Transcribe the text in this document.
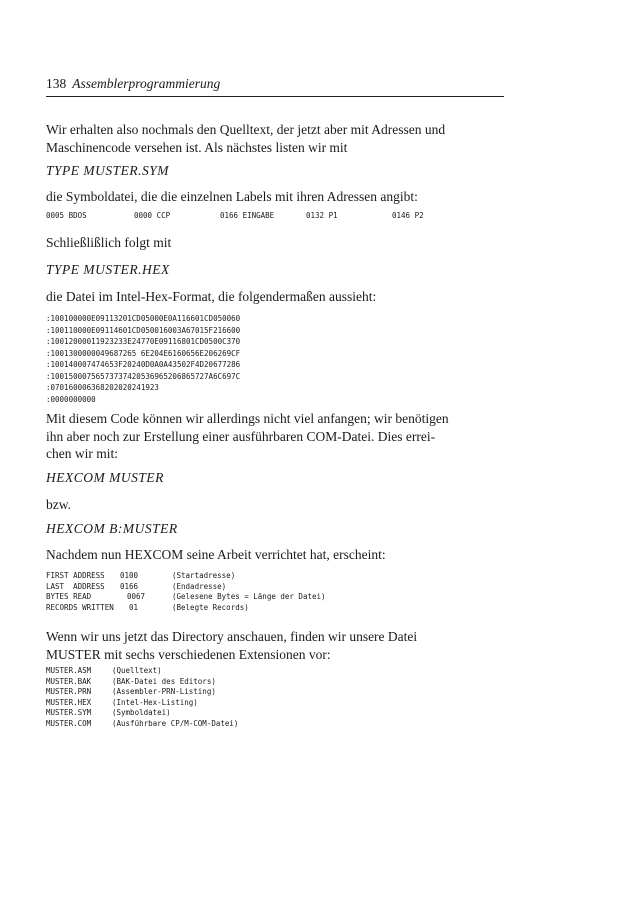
138 Assemblerprogrammierung
Wir erhalten also nochmals den Quelltext, der jetzt aber mit Adressen und
Maschinencode versehen ist. Als nächstes listen wir mit
TYPE MUSTER.SYM
die Symboldatei, die die einzelnen Labels mit ihren Adressen angibt:
0005 BDOS	0000 CCP	0166 EINGABE	0132 P1	0146 P2
Schließlißlich folgt mit
TYPE MUSTER.HEX
die Datei im Intel-Hex-Format, die folgendermaßen aussieht:
:100100000E09113201CD05000E0A116601CD050060
:100110000E09114601CD050016003A67015F216600
:10012000011923233E24770E09116801CD0500C370
:1001300000049687265 6E204E6160656E206269CF
:100140007474653F20240D0A0A43502F4D20677286
:10015000756573737420536965206865727A6C697C
:070160006368202020241923
:0000000000
Mit diesem Code können wir allerdings nicht viel anfangen; wir benötigen
ihn aber noch zur Erstellung einer ausführbaren COM-Datei. Dies errei-
chen wir mit:
HEXCOM MUSTER
bzw.
HEXCOM B:MUSTER
Nachdem nun HEXCOM seine Arbeit verrichtet hat, erscheint:
FIRST ADDRESS 0100	(Startadresse)
LAST  ADDRESS 0166	(Endadresse)
BYTES READ	0067	(Gelesene Bytes = Länge der Datei)
RECORDS WRITTEN 01	(Belegte Records)
Wenn wir uns jetzt das Directory anschauen, finden wir unsere Datei
MUSTER mit sechs verschiedenen Extensionen vor:
MUSTER.ASM	(Quelltext)
MUSTER.BAK	(BAK-Datei des Editors)
MUSTER.PRN	(Assembler-PRN-Listing)
MUSTER.HEX	(Intel-Hex-Listing)
MUSTER.SYM	(Symboldatei)
MUSTER.COM	(Ausführbare CP/M-COM-Datei)
